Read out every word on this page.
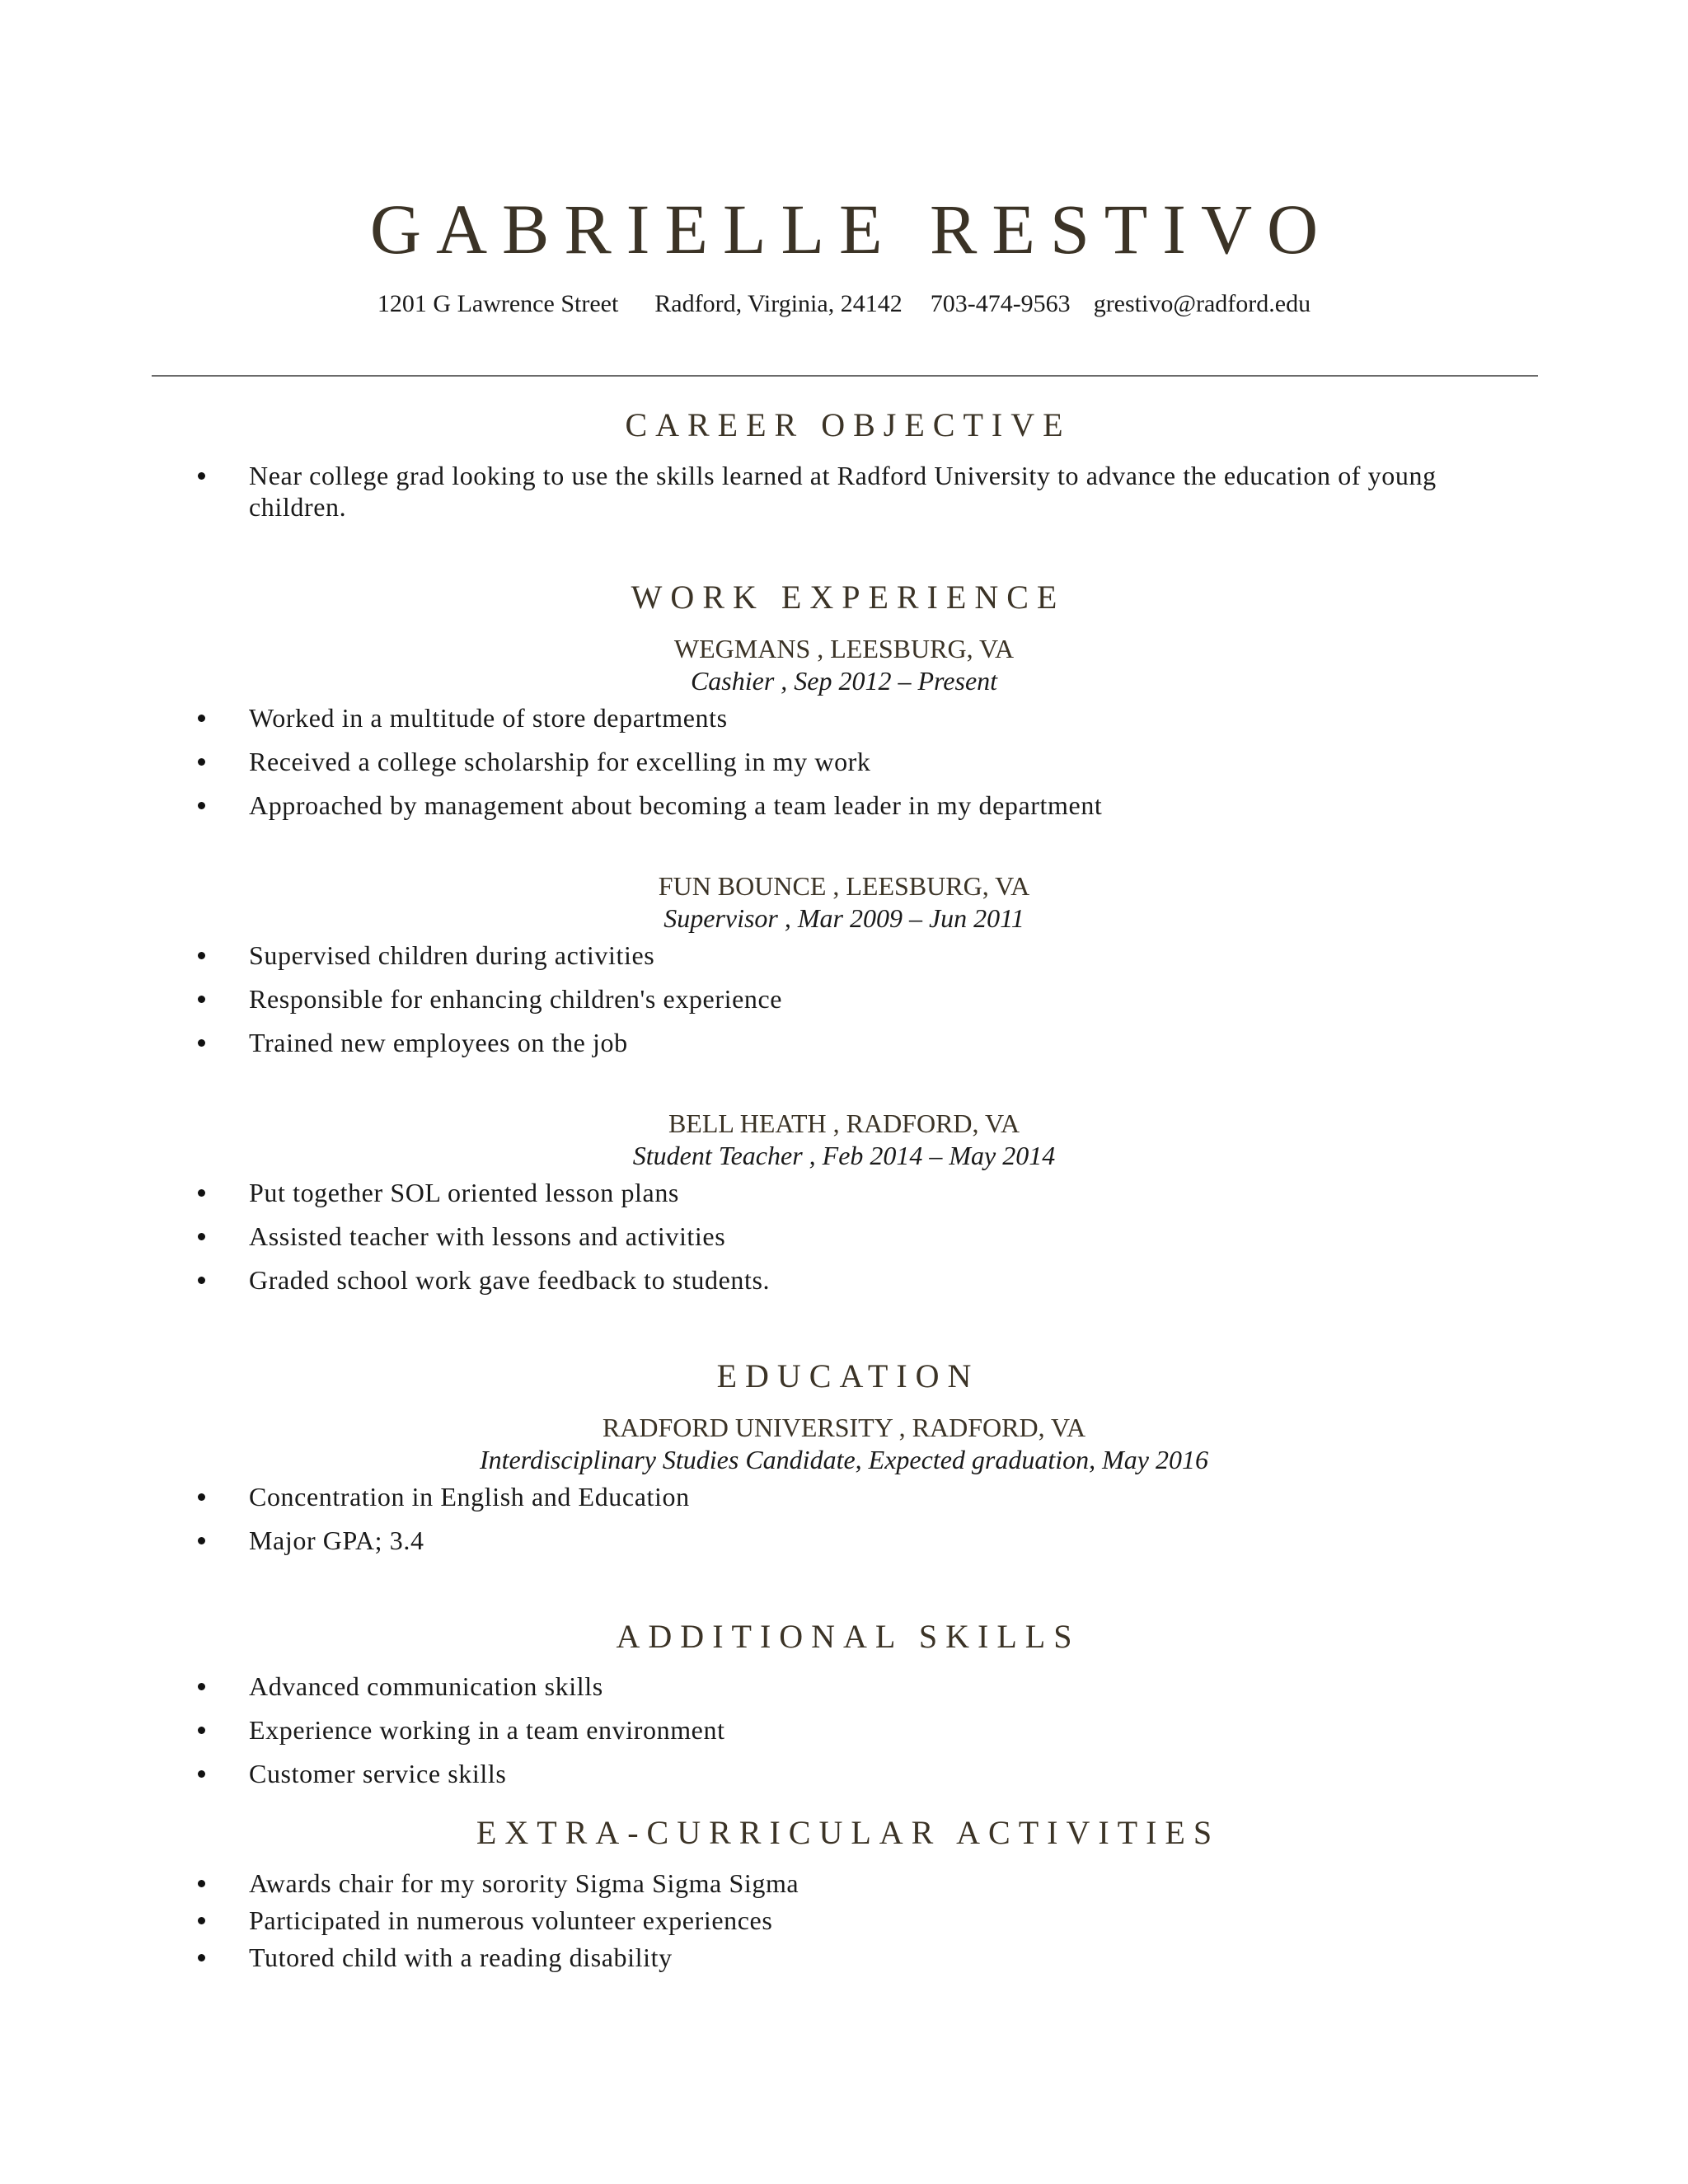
GABRIELLE RESTIVO
1201 G Lawrence Street Radford, Virginia, 24142 703-474-9563 grestivo@radford.edu
CAREER OBJECTIVE
Near college grad looking to use the skills learned at Radford University to advance the education of young children.
WORK EXPERIENCE
WEGMANS , LEESBURG, VA
Cashier , Sep 2012 – Present
Worked in a multitude of store departments
Received a college scholarship for excelling in my work
Approached by management about becoming a team leader in my department
FUN BOUNCE , LEESBURG, VA
Supervisor , Mar 2009 – Jun 2011
Supervised children during activities
Responsible for enhancing children's experience
Trained new employees on the job
BELL HEATH , RADFORD, VA
Student Teacher , Feb 2014 – May 2014
Put together SOL oriented lesson plans
Assisted teacher with lessons and activities
Graded school work gave feedback to students.
EDUCATION
RADFORD UNIVERSITY , RADFORD, VA
Interdisciplinary Studies Candidate, Expected graduation, May 2016
Concentration in English and Education
Major GPA; 3.4
ADDITIONAL SKILLS
Advanced communication skills
Experience working in a team environment
Customer service skills
EXTRA-CURRICULAR ACTIVITIES
Awards chair for my sorority Sigma Sigma Sigma
Participated in numerous volunteer experiences
Tutored child with a reading disability
